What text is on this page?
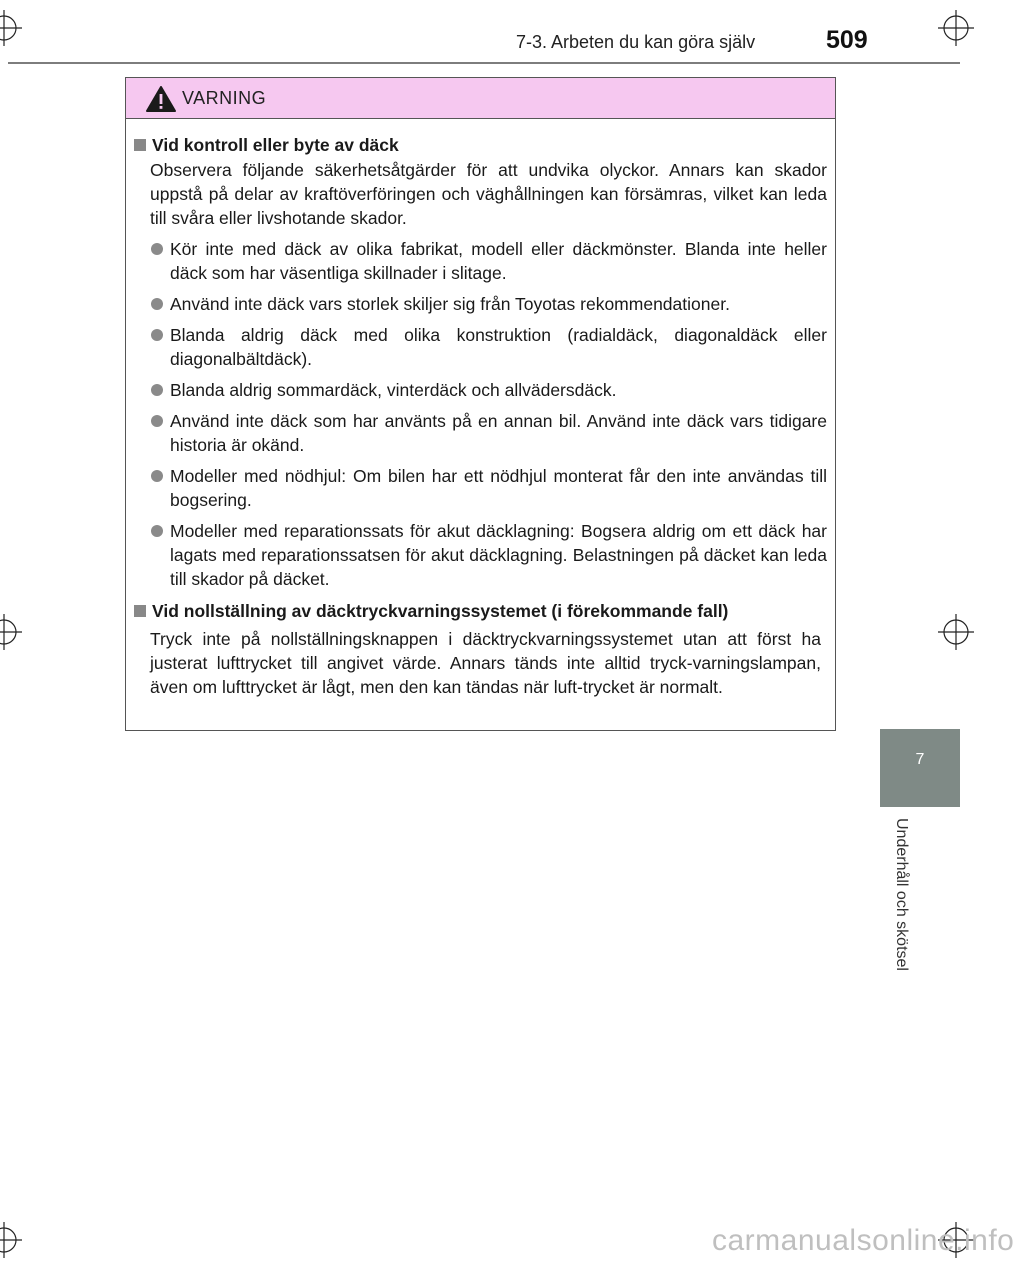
7-3. Arbeten du kan göra själv	509
VARNING
Vid kontroll eller byte av däck

Observera följande säkerhetsåtgärder för att undvika olyckor. Annars kan skador uppstå på delar av kraftöverföringen och väghållningen kan försämras, vilket kan leda till svåra eller livshotande skador.

Kör inte med däck av olika fabrikat, modell eller däckmönster. Blanda inte heller däck som har väsentliga skillnader i slitage.
Använd inte däck vars storlek skiljer sig från Toyotas rekommendationer.
Blanda aldrig däck med olika konstruktion (radialdäck, diagonaldäck eller diagonalbältdäck).
Blanda aldrig sommardäck, vinterdäck och allvädersdäck.
Använd inte däck som har använts på en annan bil. Använd inte däck vars tidigare historia är okänd.
Modeller med nödhjul: Om bilen har ett nödhjul monterat får den inte användas till bogsering.
Modeller med reparationssats för akut däcklagning: Bogsera aldrig om ett däck har lagats med reparationssatsen för akut däcklagning. Belastningen på däcket kan leda till skador på däcket.
Vid nollställning av däcktryckvarningssystemet (i förekommande fall)

Tryck inte på nollställningsknappen i däcktryckvarningssystemet utan att först ha justerat lufttrycket till angivet värde. Annars tänds inte alltid tryck-varningslampan, även om lufttrycket är lågt, men den kan tändas när luft-trycket är normalt.

7
Underhåll och skötsel
carmanualsonline.info
